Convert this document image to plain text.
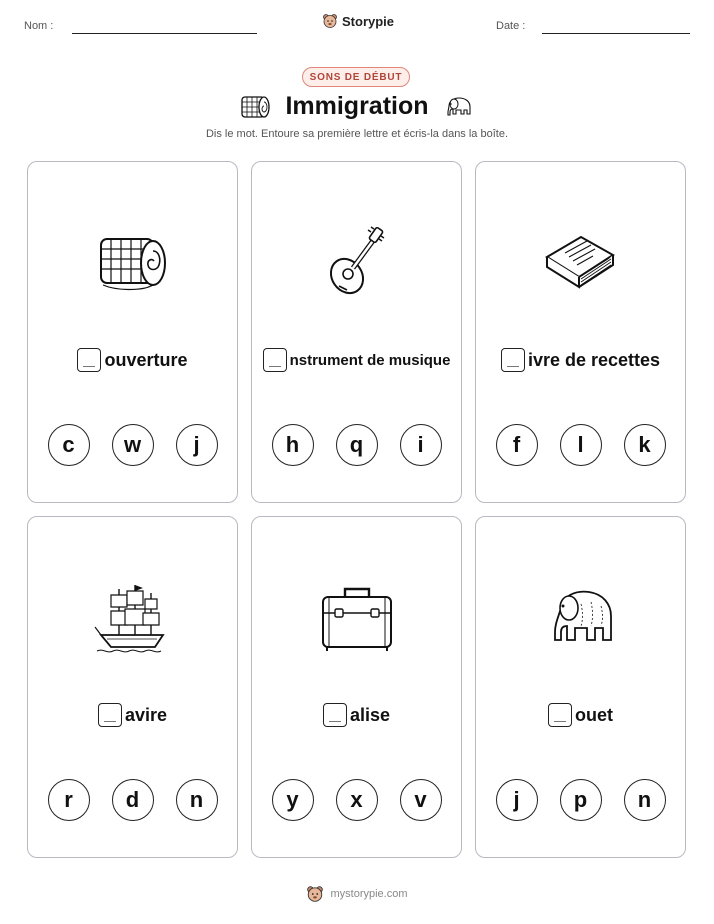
Nom :	Storypie	Date :
SONS DE DÉBUT
Immigration
Dis le mot. Entoure sa première lettre et écris-la dans la boîte.
ouverture
c	w	j
nstrument de musique
h	q	i
ivre de recettes
f	l	k
avire
r	d	n
alise
y	x	v
ouet
j	p	n
mystorypie.com
